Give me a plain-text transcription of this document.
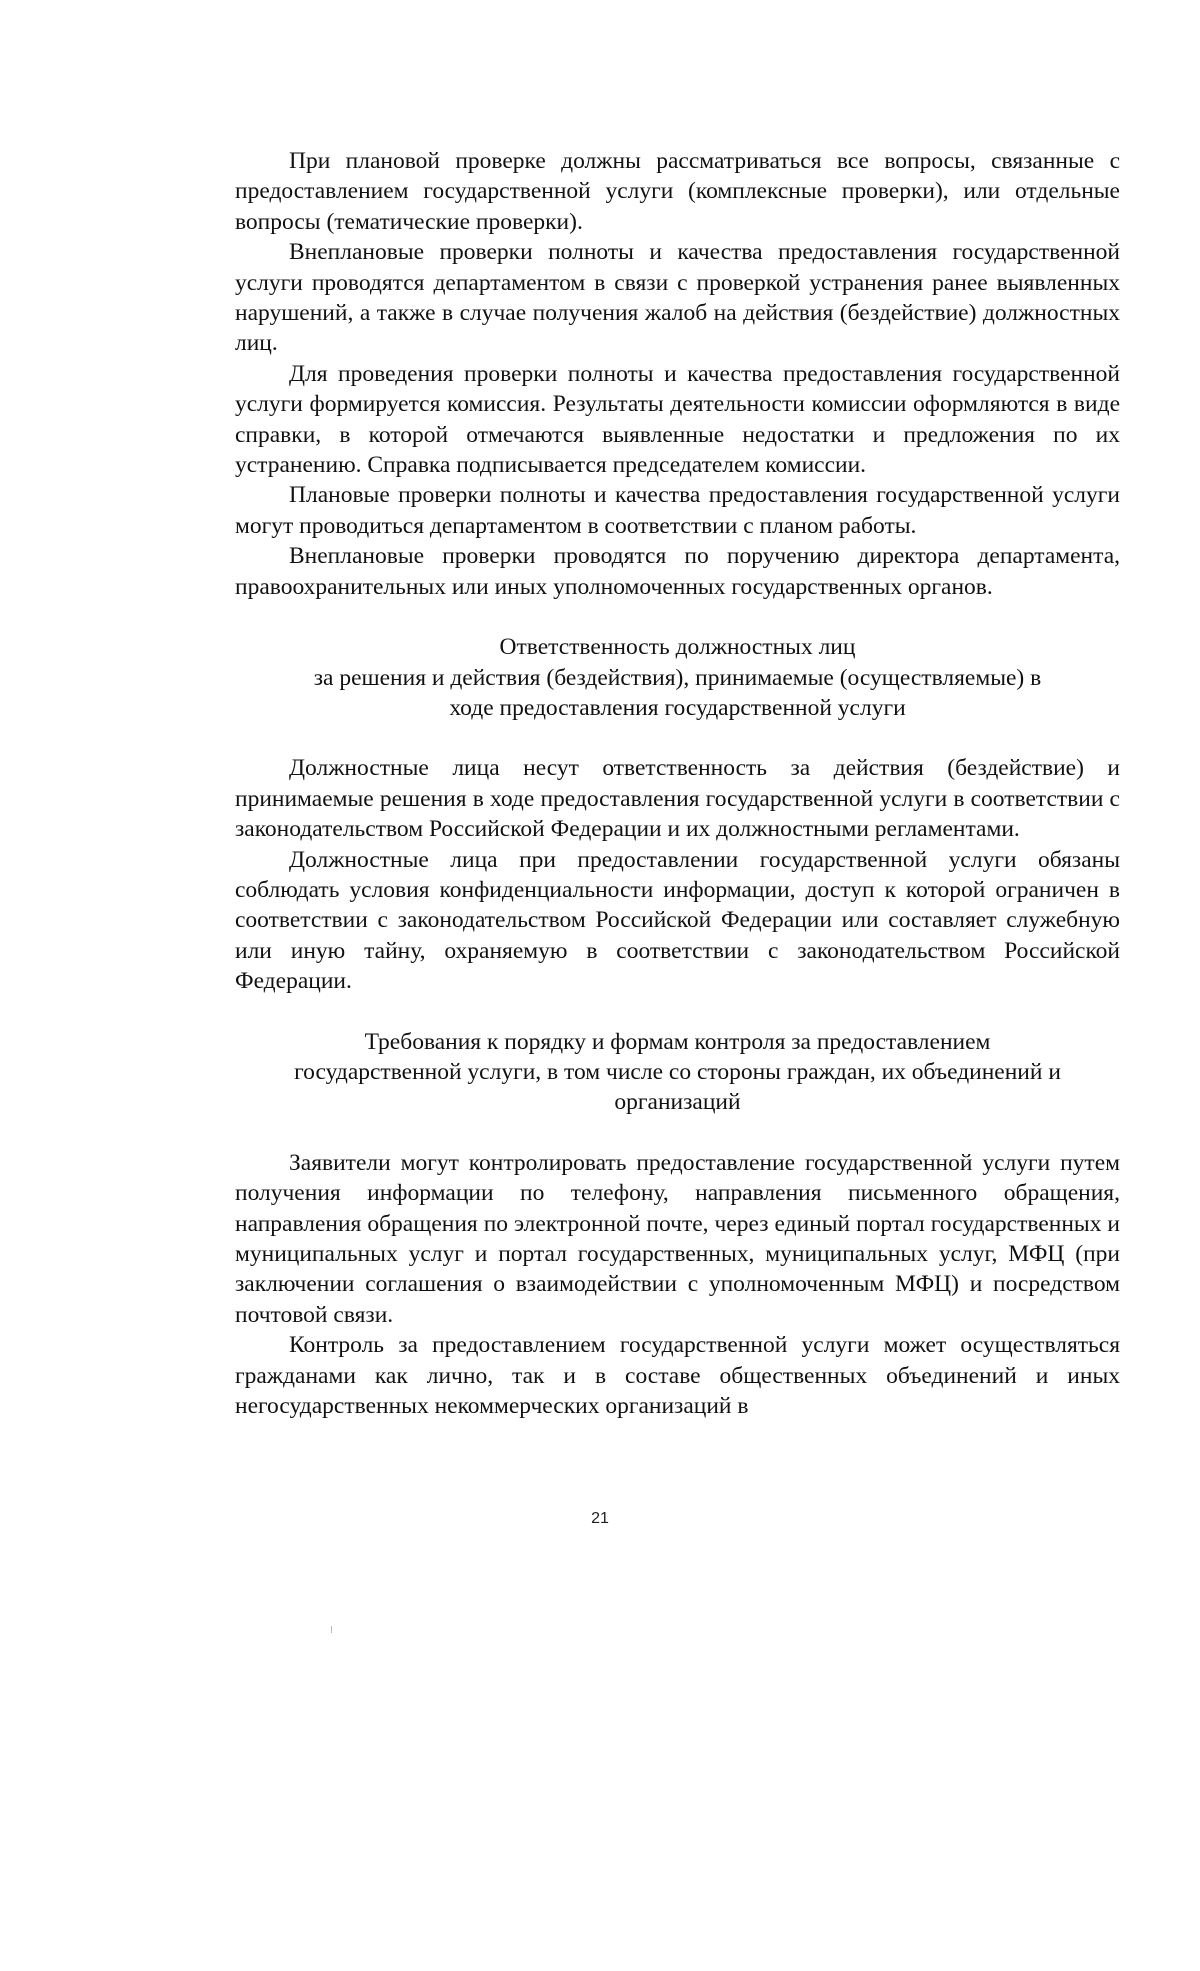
При плановой проверке должны рассматриваться все вопросы, связанные с предоставлением государственной услуги (комплексные проверки), или отдельные вопросы (тематические проверки).

Внеплановые проверки полноты и качества предоставления государственной услуги проводятся департаментом в связи с проверкой устранения ранее выявленных нарушений, а также в случае получения жалоб на действия (бездействие) должностных лиц.

Для проведения проверки полноты и качества предоставления государственной услуги формируется комиссия. Результаты деятельности комиссии оформляются в виде справки, в которой отмечаются выявленные недостатки и предложения по их устранению. Справка подписывается председателем комиссии.

Плановые проверки полноты и качества предоставления государственной услуги могут проводиться департаментом в соответствии с планом работы.

Внеплановые проверки проводятся по поручению директора департамента, правоохранительных или иных уполномоченных государственных органов.

Ответственность должностных лиц
за решения и действия (бездействия), принимаемые (осуществляемые) в
ходе предоставления государственной услуги

Должностные лица несут ответственность за действия (бездействие) и принимаемые решения в ходе предоставления государственной услуги в соответствии с законодательством Российской Федерации и их должностными регламентами.

Должностные лица при предоставлении государственной услуги обязаны соблюдать условия конфиденциальности информации, доступ к которой ограничен в соответствии с законодательством Российской Федерации или составляет служебную или иную тайну, охраняемую в соответствии с законодательством Российской Федерации.

Требования к порядку и формам контроля за предоставлением
государственной услуги, в том числе со стороны граждан, их объединений и
организаций

Заявители могут контролировать предоставление государственной услуги путем получения информации по телефону, направления письменного обращения, направления обращения по электронной почте, через единый портал государственных и муниципальных услуг и портал государственных, муниципальных услуг, МФЦ (при заключении соглашения о взаимодействии с уполномоченным МФЦ) и посредством почтовой связи.

Контроль за предоставлением государственной услуги может осуществляться гражданами как лично, так и в составе общественных объединений и иных негосударственных некоммерческих организаций в

21
